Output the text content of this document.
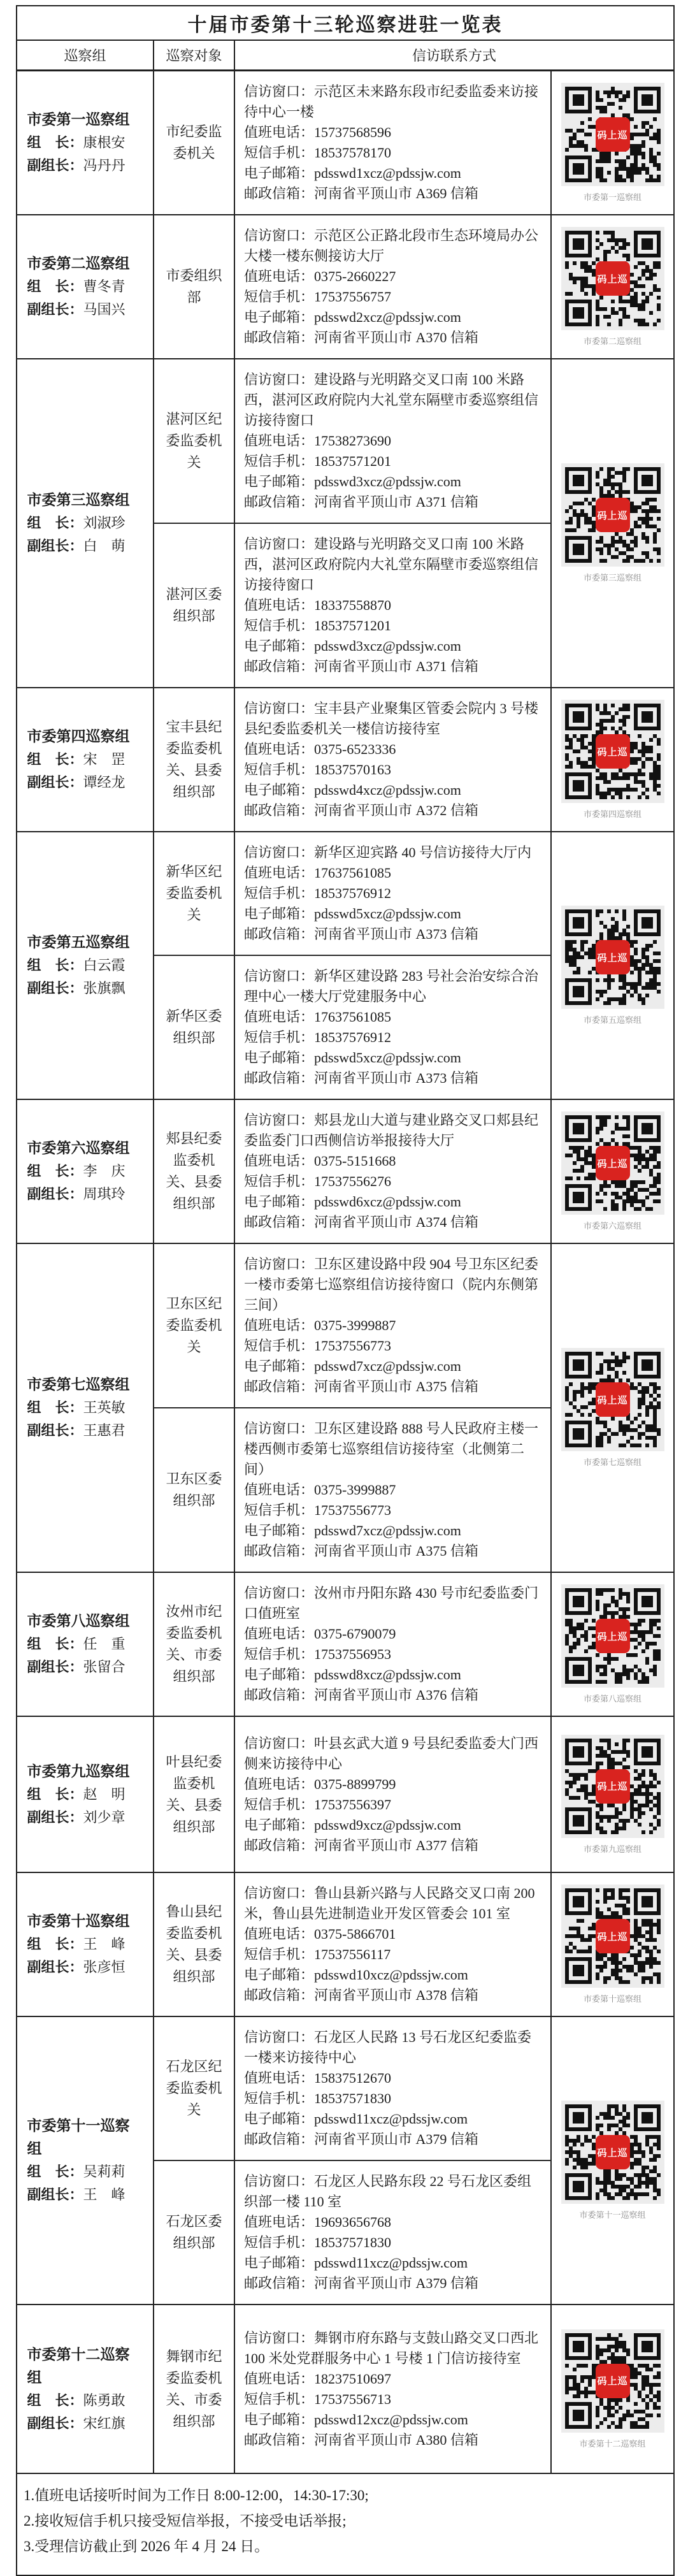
十届市委第十三轮巡察进驻一览表
巡察组	巡察对象	信访联系方式
市委第一巡察组
组　长：康根安
副组长：冯丹丹
市纪委监委机关
信访窗口：示范区未来路东段市纪委监委来访接待中心一楼
值班电话：15737568596
短信手机：18537578170
电子邮箱：pdsswd1xcz@pdssjw.com
邮政信箱：河南省平顶山市 A369 信箱
码上巡
市委第一巡察组
市委第二巡察组
组　长：曹冬青
副组长：马国兴
市委组织部
信访窗口：示范区公正路北段市生态环境局办公大楼一楼东侧接访大厅
值班电话：0375-2660227
短信手机：17537556757
电子邮箱：pdsswd2xcz@pdssjw.com
邮政信箱：河南省平顶山市 A370 信箱
码上巡
市委第二巡察组
市委第三巡察组
组　长：刘淑珍
副组长：白　萌
湛河区纪委监委机关
信访窗口：建设路与光明路交叉口南 100 米路西，湛河区政府院内大礼堂东隔壁市委巡察组信访接待窗口
值班电话：17538273690
短信手机：18537571201
电子邮箱：pdsswd3xcz@pdssjw.com
邮政信箱：河南省平顶山市 A371 信箱
湛河区委组织部
信访窗口：建设路与光明路交叉口南 100 米路西，湛河区政府院内大礼堂东隔壁市委巡察组信访接待窗口
值班电话：18337558870
短信手机：18537571201
电子邮箱：pdsswd3xcz@pdssjw.com
邮政信箱：河南省平顶山市 A371 信箱
码上巡
市委第三巡察组
市委第四巡察组
组　长：宋　罡
副组长：谭经龙
宝丰县纪委监委机关、县委组织部
信访窗口：宝丰县产业聚集区管委会院内 3 号楼县纪委监委机关一楼信访接待室
值班电话：0375-6523336
短信手机：18537570163
电子邮箱：pdsswd4xcz@pdssjw.com
邮政信箱：河南省平顶山市 A372 信箱
码上巡
市委第四巡察组
市委第五巡察组
组　长：白云霞
副组长：张旗飘
新华区纪委监委机关
信访窗口：新华区迎宾路 40 号信访接待大厅内
值班电话：17637561085
短信手机：18537576912
电子邮箱：pdsswd5xcz@pdssjw.com
邮政信箱：河南省平顶山市 A373 信箱
新华区委组织部
信访窗口：新华区建设路 283 号社会治安综合治理中心一楼大厅党建服务中心
值班电话：17637561085
短信手机：18537576912
电子邮箱：pdsswd5xcz@pdssjw.com
邮政信箱：河南省平顶山市 A373 信箱
码上巡
市委第五巡察组
市委第六巡察组
组　长：李　庆
副组长：周琪玲
郏县纪委监委机关、县委组织部
信访窗口：郏县龙山大道与建业路交叉口郏县纪委监委门口西侧信访举报接待大厅
值班电话：0375-5151668
短信手机：17537556276
电子邮箱：pdsswd6xcz@pdssjw.com
邮政信箱：河南省平顶山市 A374 信箱
码上巡
市委第六巡察组
市委第七巡察组
组　长：王英敏
副组长：王惠君
卫东区纪委监委机关
信访窗口：卫东区建设路中段 904 号卫东区纪委一楼市委第七巡察组信访接待窗口（院内东侧第三间）
值班电话：0375-3999887
短信手机：17537556773
电子邮箱：pdsswd7xcz@pdssjw.com
邮政信箱：河南省平顶山市 A375 信箱
卫东区委组织部
信访窗口：卫东区建设路 888 号人民政府主楼一楼西侧市委第七巡察组信访接待室（北侧第二间）
值班电话：0375-3999887
短信手机：17537556773
电子邮箱：pdsswd7xcz@pdssjw.com
邮政信箱：河南省平顶山市 A375 信箱
码上巡
市委第七巡察组
市委第八巡察组
组　长：任　重
副组长：张留合
汝州市纪委监委机关、市委组织部
信访窗口：汝州市丹阳东路 430 号市纪委监委门口值班室
值班电话：0375-6790079
短信手机：17537556953
电子邮箱：pdsswd8xcz@pdssjw.com
邮政信箱：河南省平顶山市 A376 信箱
码上巡
市委第八巡察组
市委第九巡察组
组　长：赵　明
副组长：刘少章
叶县纪委监委机关、县委组织部
信访窗口：叶县玄武大道 9 号县纪委监委大门西侧来访接待中心
值班电话：0375-8899799
短信手机：17537556397
电子邮箱：pdsswd9xcz@pdssjw.com
邮政信箱：河南省平顶山市 A377 信箱
码上巡
市委第九巡察组
市委第十巡察组
组　长：王　峰
副组长：张彦恒
鲁山县纪委监委机关、县委组织部
信访窗口：鲁山县新兴路与人民路交叉口南 200 米，鲁山县先进制造业开发区管委会 101 室
值班电话：0375-5866701
短信手机：17537556117
电子邮箱：pdsswd10xcz@pdssjw.com
邮政信箱：河南省平顶山市 A378 信箱
码上巡
市委第十巡察组
市委第十一巡察组
组　长：吴莉莉
副组长：王　峰
石龙区纪委监委机关
信访窗口：石龙区人民路 13 号石龙区纪委监委一楼来访接待中心
值班电话：15837512670
短信手机：18537571830
电子邮箱：pdsswd11xcz@pdssjw.com
邮政信箱：河南省平顶山市 A379 信箱
石龙区委组织部
信访窗口：石龙区人民路东段 22 号石龙区委组织部一楼 110 室
值班电话：19693656768
短信手机：18537571830
电子邮箱：pdsswd11xcz@pdssjw.com
邮政信箱：河南省平顶山市 A379 信箱
码上巡
市委第十一巡察组
市委第十二巡察组
组　长：陈勇敢
副组长：宋红旗
舞钢市纪委监委机关、市委组织部
信访窗口：舞钢市府东路与支鼓山路交叉口西北 100 米处党群服务中心 1 号楼 1 门信访接待室
值班电话：18237510697
短信手机：17537556713
电子邮箱：pdsswd12xcz@pdssjw.com
邮政信箱：河南省平顶山市 A380 信箱
码上巡
市委第十二巡察组
1.值班电话接听时间为工作日 8:00-12:00，14:30-17:30;
2.接收短信手机只接受短信举报，不接受电话举报;
3.受理信访截止到 2026 年 4 月 24 日。
